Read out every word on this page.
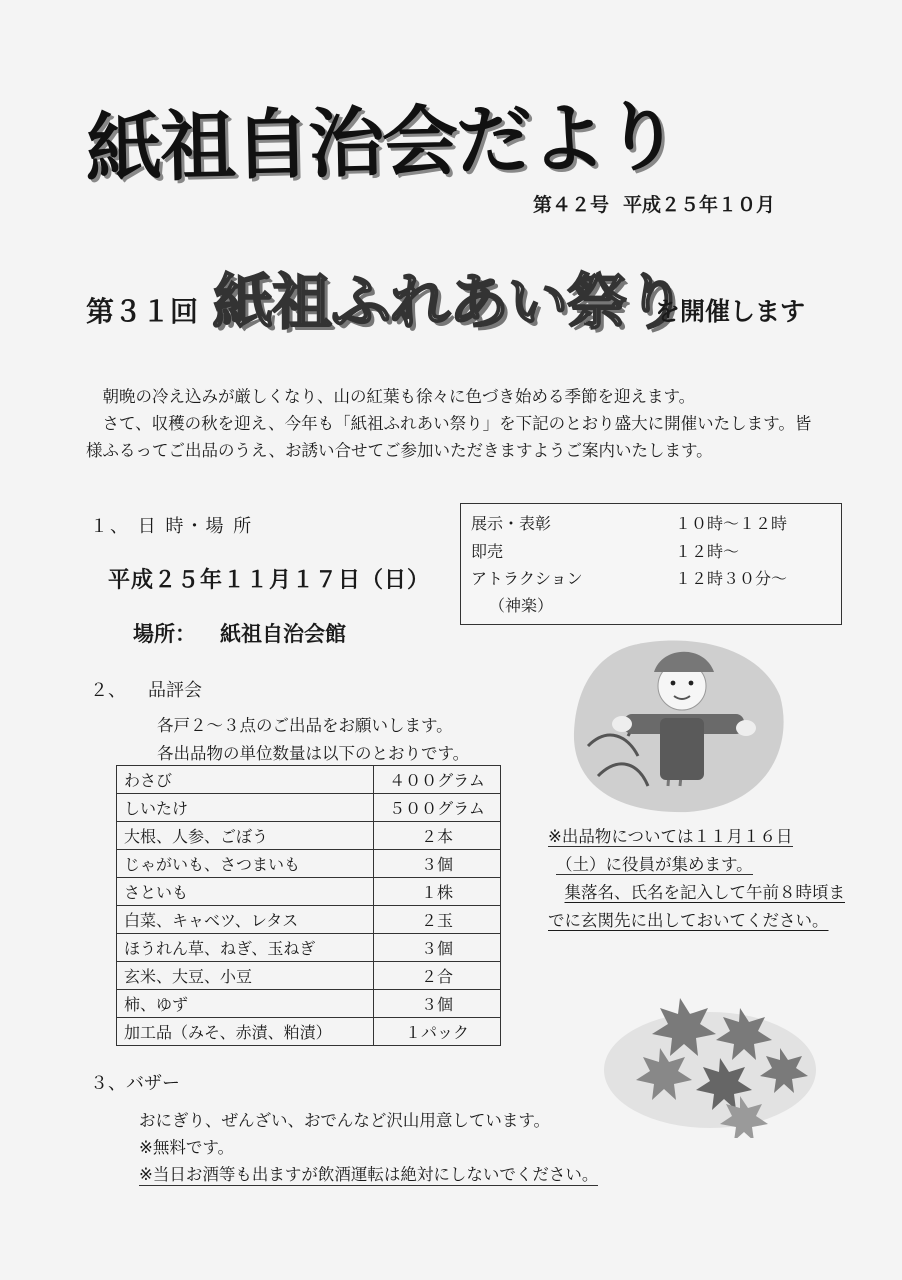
紙祖自治会だより
第４２号 平成２５年１０月
第３１回 紙祖ふれあい祭り
を開催します

朝晩の冷え込みが厳しくなり、山の紅葉も徐々に色づき始める季節を迎えます。

さて、収穫の秋を迎え、今年も「紙祖ふれあい祭り」を下記のとおり盛大に開催いたします。皆様ふるってご出品のうえ、お誘い合せてご参加いただきますようご案内いたします。

１、 日 時・場 所
平成２５年１１月１７日（日）
場所： 紙祖自治会館
展示・表彰	１０時～１２時
即売	１２時～
アトラクション	１２時３０分～
（神楽）
２、 品評会
各戸２～３点のご出品をお願いします。
各出品物の単位数量は以下のとおりです。
わさび	４００グラム
しいたけ	５００グラム
大根、人参、ごぼう	２本
じゃがいも、さつまいも	３個
さといも	１株
白菜、キャベツ、レタス	２玉
ほうれん草、ねぎ、玉ねぎ	３個
玄米、大豆、小豆	２合
柿、ゆず	３個
加工品（みそ、赤漬、粕漬）	１パック

※出品物については１１月１６日

（土）に役員が集めます。

集落名、氏名を記入して午前８時頃までに玄関先に出しておいてください。

３、バザー
おにぎり、ぜんざい、おでんなど沢山用意しています。
※無料です。
※当日お酒等も出ますが飲酒運転は絶対にしないでください。
